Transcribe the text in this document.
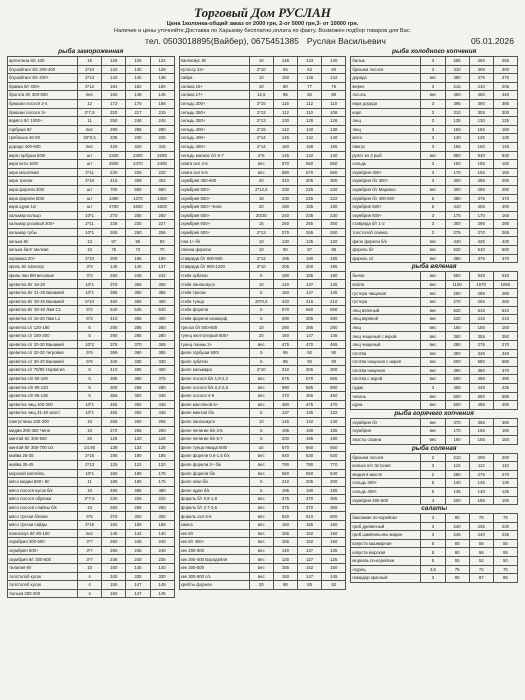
Торговый Дом РУСЛАН
Цена 1колонка-общий заказ от 2000 грн, 2-от 5000 грн,3- от 10000 грн.
Наличие и цены уточняйте.Доставка по Харькову бесплатно,оплата по факту. Возможен подбор товаров для Вас.
тел. 0503018895(Вайбер), 0675451385 Руслан Васильевич	05.01.2026
рыба замороженная
аргентина 8/с 100	16	128	125	122
блуэайтинг 8/с 200-400	2*10	132	130	128
блуэайтинг 8/с 400+	2*13	142	140	138
бравка 8/г 400+	2*12	184	182	180
брогота 8/г 300-500	вес	150	148	146
брюшки лосося 2-4	12	172	170	168
брюшки лосося 3+	2*7,5	220	217	215
варвсо 8/г 1000+	11	250	248	245
горбуша 8/г	вес	290	285	280
гребешок 40-60	20*0,5	235	230	225
дорадо 400-600	вес	425	420	415
икра горбуши 500г	шт	2320	2300	2280
икра кеты 500г	шт	2500	2470	2450
икра масляная	2*11	230	225	220
икра трески	2*10	415	408	402
икра форели 200г	шт	700	690	680
икра форели 500г	шт	1390	1370	1350
икра щуки 1кг	шт	4700	4600	4500
кальмар кольцо	10*1	270	265	260
кальмар розовый 300+	2*11	235	230	227
кальмар тубы	10*1	265	260	255
килька 8/г	13	97	95	93
килька балт мелкая	10	75	72	70
корюшка 20+	2*10	200	195	190
криль 8/г Шлюгер	3*2	145	140	137
криль пан 8М весовые	3*2	250	245	242
креветка 8/г 16-20	10*1	370	365	360
креветка 8/г 21-25 Ванамей	10*1	395	390	385
креветка 8/г 30-40 Ванамей	5*10	460	455	450
креветка 8/г 30-40 Лам С1	6*2	540	535	530
креветка с/г 10-20 Лам L1	6*2	410	405	400
креветка с/г 120-180	5	290	285	280
креветка с/г 150-200	5	290	285	280
креветка с/г 20-30 Ванамей	10*2	375	370	365
креветка с/г 20-30 тигровая	5*6	395	390	385
креветка с/г 30-40 Ванамей	5*6	340	335	330
креветка с/г 70/90 Норвегия	5	410	405	400
креветка с/п 80-100	5	385	380	375
креветка с/п 90-120	5	300	295	290
креветка с/п 95-135	5	355	350	345
креветка чищ 100-200	10*1	455	450	445
креветка чищ 31-40 хвост	10*1	455	450	445
лангустины 100-200	10	265	260	255
мидии 200-300 Чили	10	270	265	260
минтай 8/г 300-500	20	125	120	118
минтай 8/г 300-700 с/з	24,95	138	132	128
мойва 25-35	2*15	195	190	185
мойва 35-45	2*13	125	122	120
морской коктейль	10*1	180	180	178
мясо мидии 500+ 8/г	11	185	180	175
мясо лосося кусок б/к	10	490	485	480
мясо лосося обрезки	2*7,5	230	225	220
мясо лосося слайсы б/к	10	260	255	250
мясо трески б/кожи	6*5	370	360	350
мясо трески сайды	2*15	160	158	155
пангасиус 8/г 80-100	вес	145	142	140
скумбрия 300-500	3*7	250	245	240
скумбрия 500+	3*7	250	245	240
скумбрия 8/г 300-500	3*7	245	240	235
тилапия 8/г	10	150	145	140
толстолоб кусок	4	340	335	330
толстолоб кусок	4	150	147	145
тюлька 200-300	4	150	147	145
пангасиус 8/г	10	146	143	140
путассу 23+	2*10	65	62	60
сайра	10	150	146	142
салака 15+	10	80	77	75
салака 17+	12,5	85	82	80
сельдь 300+	2*15	115	112	110
сельдь 350+	2*12	112	110	108
сельдь 350+	2*13	130	128	126
сельдь 400+	2*15	142	140	138
сельдь 400+	2*14	145	142	140
сельдь 450+	2*14	160	158	155
сельдь матиас б/г 5-7	2*8	145	142	140
семга охл 4-5	вес	570	560	550
семга охл 5-6	вес	580	570	560
скумбрия 400-600	20	310	305	300
скумбрия 500+	2*12,5	230	225	220
скумбрия 500+	18	230	225	222
скумбрия 500+ Чили	20	190	185	180
скумбрия 500+	20/25	240	235	230
скумбрия 600+	15	260	255	250
скумбрия 600+	2*13	270	265	260
сом 1+ б/г	10	130	125	120
спинка форели	10	90	87	85
ставрида б/г 600-900	2*12	195	190	185
ставрида б/г 900-1200	2*10	205	200	195
стейк зубатки	5	190	185	180
стейк пангасиуса	10	140	137	135
стейк трески	5	150	147	145
стейк тунца	20*0,5	420	415	410
стейк форели	5	670	660	650
стейк форели изоморф	5	290	285	280
треска б/г 500-800	10	290	285	280
тунец желтоперый 800+	20	150	147	145
тунец лоины 2+	вес	475	470	465
филе горбуши 500г	5	95	92	90
филе зубатки	5	95	92	90
филе кальмара	2*10	310	305	300
филе лосося б/к 1,8-2,2	вес	675	670	665
филе лосося б/к 2,2-2,6	вес	690	685	680
филе лосося 4-6	вес	470	465	460
филе масляной 6+	вес	480	475	470
филе минтая б/к	5	137	135	132
филе пангасиуса	10	145	142	140
филе пелагии б/к 3-5	5	195	190	185
филе пелагии б/к 5-7	5	200	195	190
филе тунца ямада 500г	шт	670	660	650
филе форели 0,6-1,5 б/к	вес	640	630	620
филе форели 2+ б/к	вес	790	780	770
филе форели б/к	вес	560	550	540
филе хеки б/к	5	210	205	200
филе щуки б/к	5	195	190	185
форель б/г 0,9-1,8	вес	375	370	365
форель б/г 2,7-3,6	вес	375	370	365
форель охл 5-6	вес	620	610	600
хамса	вес	160	155	150
хек 8/г	вес	155	152	150
хек 8/г 400+	вес	155	152	150
хек 200-300	вес	140	137	135
хек 200-400 Бородейля	вес	130	127	125
хек 300-500	вес	155	152	150
хек 300-500 с/з	вес	150	147	145
хребты форели	20	88	85	82
рыба холодного копчения
балык	3	265	260	255
брюшки лосося	3	310	305	300
дорадо	вес	380	375	370
жерех	3	215	210	205
лосось	вес	460	450	440
икра дорадо	3	395	390	385
карп	3	310	305	300
лещ	3	135	130	125
лещ	3	160	155	150
мясо	3	140	135	130
пангус	3	155	150	145
рулет из 3 рыб	вес	950	940	930
сельдь	3	160	155	150
скумбрия 300+	3	170	165	160
скумбрия б/г 300+	3	300	295	290
скумбрия б/г Марокко	вес	300	295	290
скумбрия б/г 400-600	6	380	375	370
скумбрия 500+	6	410	405	400
скумбрия 600+	3	175	170	165
ставрида б/г 1-2	3	300	295	290
толстолоб спинка	3	275	270	265
филе форели б/к	вес	440	435	430
форель б/г	вес	520	510	500
форель с/г	вес	380	375	370
рыба вяленая
бычки	вес	550	545	540
вобла	вес	1100	1070	1050
густера чищеная	вес	290	285	280
густера	вес	270	265	260
лещ вяленый	вес	520	515	510
лещ икряной	вес	220	215	210
лещ	вес	160	155	150
лещ чищеный с икрой	вес	360	355	350
лещ чищеный	вес	280	275	270
плотва	вес	350	345	340
плотва чищеная с икрой	вес	600	590	580
плотва чищеная	вес	390	380	370
плотва с икрой	вес	500	495	490
судак	3	455	445	435
чехонь	вес	600	590	580
щука	вес	500	495	490
рыба горячего копчения
скумбрия б/г	вес	370	365	360
скумбрия	вес	170	165	160
хвосты сазана	вес	160	155	150
рыба соленая
брюшки лосося	2	210	205	200
килька п/п Эстония	3	115	112	110
мидия в масле	2	280	275	270
сельдь 300+	5	140	135	130
сельдь 400+	5	145	140	135
скумбрия 400-600	4	200	195	190
салаты
баклажан по-корейски	3	80	78	75
гриб древесный	3	240	235	230
гриб шампиньоны марин	3	245	240	235
капуста кашмирная	5	60	58	55
капуста морская	5	60	58	55
морковь по-корейски	5	55	52	50
огурец	3,5	75	72	70
помидор красный	3	90	87	85
